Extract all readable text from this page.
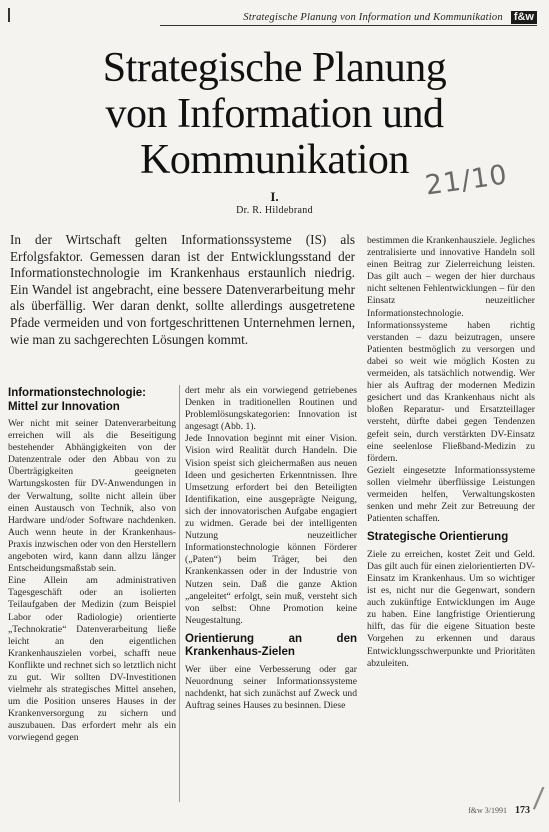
Strategische Planung von Information und Kommunikation f&w
Strategische Planung
von Information und
Kommunikation 21/10
I.
Dr. R. Hildebrand
In der Wirtschaft gelten Informationssysteme (IS) als Erfolgsfaktor. Gemessen daran ist der Entwicklungsstand der Informationstechnologie im Krankenhaus erstaunlich niedrig. Ein Wandel ist angebracht, eine bessere Datenverarbeitung mehr als überfällig. Wer daran denkt, sollte allerdings ausgetretene Pfade vermeiden und von fortgeschrittenen Unternehmen lernen, wie man zu sachgerechten Lösungen kommt.
Informationstechnologie: Mittel zur Innovation

Wer nicht mit seiner Datenverarbeitung erreichen will als die Beseitigung bestehender Abhängigkeiten von der Datenzentrale oder den Abbau von zu Überträgigkeiten geeigneten Wartungskosten für DV-Anwendungen in der Verwaltung, sollte nicht allein über einen Austausch von Technik, also von Hardware und/oder Software nachdenken. Auch wenn heute in der Krankenhaus-Praxis inzwischen oder von den Herstellern angeboten wird, kann dann allzu länger Entscheidungsmaßstab sein.

Eine Allein am administrativen Tagesgeschäft oder an isolierten Teilaufgaben der Medizin (zum Beispiel Labor oder Radiologie) orientierte „Technokratie“ Datenverarbeitung ließe leicht an den eigentlichen Krankenhauszielen vorbei, schafft neue Konflikte und rechnet sich so letztlich nicht zu gut. Wir sollten DV-Investitionen vielmehr als strategisches Mittel ansehen, um die Position unseres Hauses in der Krankenversorgung zu sichern und auszubauen. Das erfordert mehr als ein vorwiegend gegen

dert mehr als ein vorwiegend getriebenes Denken in traditionellen Routinen und Problemlösungskategorien: Innovation ist angesagt (Abb. 1).

Jede Innovation beginnt mit einer Vision. Vision wird Realität durch Handeln. Die Vision speist sich gleichermaßen aus neuen Ideen und gesicherten Erkenntnissen. Ihre Umsetzung erfordert bei den Beteiligten Identifikation, eine ausgeprägte Neigung, sich der innovatorischen Aufgabe engagiert zu widmen. Gerade bei der intelligenten Nutzung neuzeitlicher Informationstechnologie können Förderer („Paten“) beim Träger, bei den Krankenkassen oder in der Industrie von Nutzen sein. Daß die ganze Aktion „angeleitet“ erfolgt, sein muß, versteht sich von selbst: Ohne Promotion keine Neugestaltung.

Orientierung an den Krankenhaus-Zielen

Wer über eine Verbesserung oder gar Neuordnung seiner Informationssysteme nachdenkt, hat sich zunächst auf Zweck und Auftrag seines Hauses zu besinnen. Diese

bestimmen die Krankenhausziele. Jegliches zentralisierte und innovative Handeln soll einen Beitrag zur Zielerreichung leisten. Das gilt auch – wegen der hier durchaus nicht seltenen Fehlentwicklungen – für den Einsatz neuzeitlicher Informationstechnologie.

Informationssysteme haben richtig verstanden – dazu beizutragen, unsere Patienten bestmöglich zu versorgen und dabei so weit wie möglich Kosten zu vermeiden, als tatsächlich notwendig. Wer hier als Auftrag der modernen Medizin gesichert und das Krankenhaus nicht als bloßen Reparatur- und Ersatzteillager versteht, dürfte dabei gegen Tendenzen gefeit sein, durch verstärkten DV-Einsatz eine seelenlose Fließband-Medizin zu fördern.

Gezielt eingesetzte Informationssysteme sollen vielmehr überflüssige Leistungen vermeiden helfen, Verwaltungskosten senken und mehr Zeit zur Betreuung der Patienten schaffen.

Strategische Orientierung

Ziele zu erreichen, kostet Zeit und Geld. Das gilt auch für einen zielorientierten DV-Einsatz im Krankenhaus. Um so wichtiger ist es, nicht nur die Gegenwart, sondern auch zukünftige Entwicklungen im Auge zu haben. Eine langfristige Orientierung hilft, das für die eigene Situation beste Vorgehen zu erkennen und daraus Entwicklungsschwerpunkte und Prioritäten abzuleiten.

f&w 3/1991 173 /
